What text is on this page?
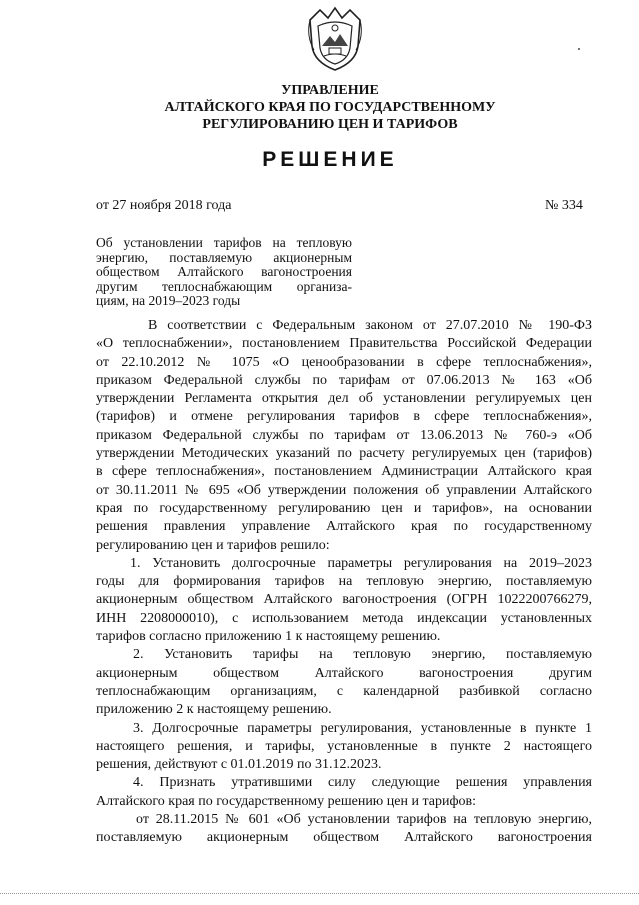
УПРАВЛЕНИЕ
АЛТАЙСКОГО КРАЯ ПО ГОСУДАРСТВЕННОМУ
РЕГУЛИРОВАНИЮ ЦЕН И ТАРИФОВ
РЕШЕНИЕ
от 27 ноября 2018 года	№ 334
Об установлении тарифов на тепловую
энергию, поставляемую акционерным
обществом Алтайского вагоностроения
другим теплоснабжающим организа-
циям, на 2019–2023 годы
В соответствии с Федеральным законом от 27.07.2010 № 190-ФЗ
«О теплоснабжении», постановлением Правительства Российской Федерации
от 22.10.2012 № 1075 «О ценообразовании в сфере теплоснабжения»,
приказом Федеральной службы по тарифам от 07.06.2013 № 163 «Об
утверждении Регламента открытия дел об установлении регулируемых цен
(тарифов) и отмене регулирования тарифов в сфере теплоснабжения»,
приказом Федеральной службы по тарифам от 13.06.2013 № 760-э «Об
утверждении Методических указаний по расчету регулируемых цен (тарифов)
в сфере теплоснабжения», постановлением Администрации Алтайского края
от 30.11.2011 № 695 «Об утверждении положения об управлении Алтайского
края по государственному регулированию цен и тарифов», на основании
решения правления управление Алтайского края по государственному
регулированию цен и тарифов решило:
1. Установить долгосрочные параметры регулирования на 2019–2023
годы для формирования тарифов на тепловую энергию, поставляемую
акционерным обществом Алтайского вагоностроения (ОГРН 1022200766279,
ИНН 2208000010), с использованием метода индексации установленных
тарифов согласно приложению 1 к настоящему решению.
2. Установить тарифы на тепловую энергию, поставляемую
акционерным обществом Алтайского вагоностроения другим
теплоснабжающим организациям, с календарной разбивкой согласно
приложению 2 к настоящему решению.
3. Долгосрочные параметры регулирования, установленные в пункте 1
настоящего решения, и тарифы, установленные в пункте 2 настоящего
решения, действуют с 01.01.2019 по 31.12.2023.
4. Признать утратившими силу следующие решения управления
Алтайского края по государственному решению цен и тарифов:
от 28.11.2015 № 601 «Об установлении тарифов на тепловую энергию,
поставляемую акционерным обществом Алтайского вагоностроения
